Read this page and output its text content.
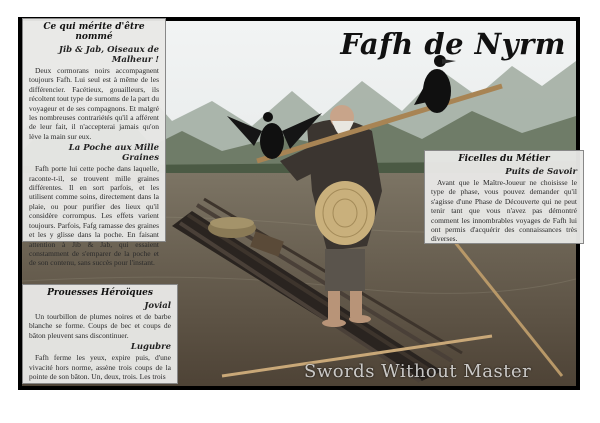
Fafh de Nyrm
Swords Without Master
Ce qui mérite d'être nommé
Jib & Jab, Oiseaux de Malheur !

Deux cormorans noirs accompagnent toujours Fafh. Lui seul est à même de les différencier. Facétieux, gouailleurs, ils récoltent tout type de surnoms de la part du voyageur et de ses compagnons. Et malgré les nombreuses contrariétés qu'il a afférent de leur fait, il n'accepterai jamais qu'on lève la main sur eux.

La Poche aux Mille Graines

Fafh porte lui cette poche dans laquelle, raconte-t-il, se trouvent mille graines différentes. Il en sort parfois, et les utilisent comme soins, directement dans la plaie, ou pour purifier des lieux qu'il considère corrompus. Les effets varient toujours. Parfois, Fafg ramasse des graines et les y glisse dans la poche. En faisant attention à Jib & Jab, qui essaient constamment de s'emparer de la poche et de son contenu, sans succès pour l'instant.

Ficelles du Métier
Puits de Savoir

Avant que le Maître-Joueur ne choisisse le type de phase, vous pouvez demander qu'il s'agisse d'une Phase de Découverte qui ne peut tenir tant que vous n'avez pas démontré comment les innombrables voyages de Fafh lui ont permis d'acquérir des connaissances très diverses.

Prouesses Héroïques
Jovial

Un tourbillon de plumes noires et de barbe blanche se forme. Coups de bec et coups de bâton pleuvent sans discontinuer.

Lugubre

Fafh ferme les yeux, expire puis, d'une vivacité hors norme, assène trois coups de la pointe de son bâton. Un, deux, trois. Les trois
